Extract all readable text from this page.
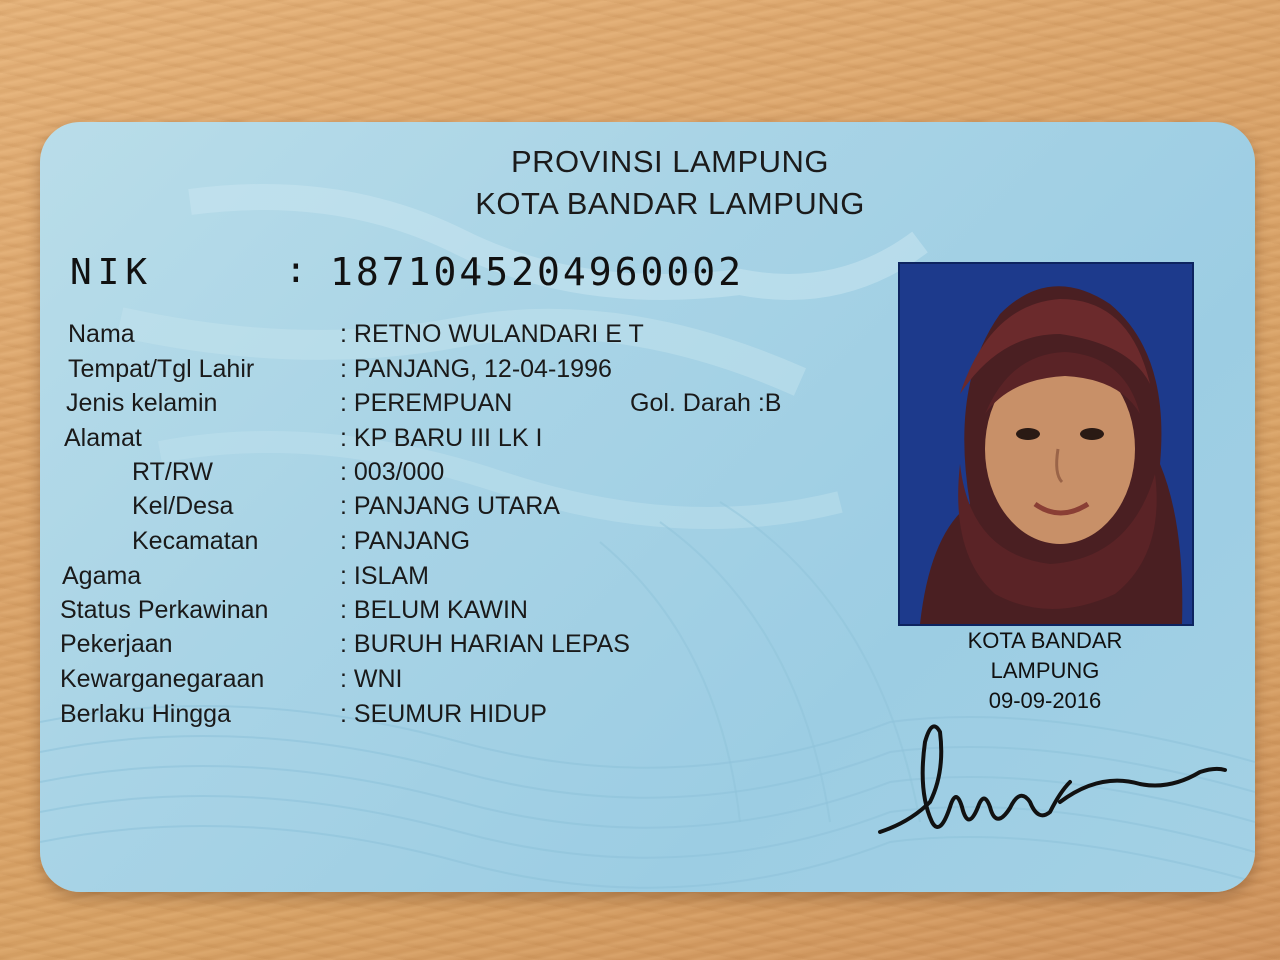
PROVINSI LAMPUNG
KOTA BANDAR LAMPUNG
NIK	: 1871045204960002
Nama	: RETNO WULANDARI E T
Tempat/Tgl Lahir	: PANJANG, 12-04-1996
Jenis kelamin	: PEREMPUAN	Gol. Darah :B
Alamat	: KP BARU III LK I
RT/RW	: 003/000
Kel/Desa	: PANJANG UTARA
Kecamatan	: PANJANG
Agama	: ISLAM
Status Perkawinan	: BELUM KAWIN
Pekerjaan	: BURUH HARIAN LEPAS
Kewarganegaraan	: WNI
Berlaku Hingga	: SEUMUR HIDUP
KOTA BANDAR
LAMPUNG
09-09-2016
